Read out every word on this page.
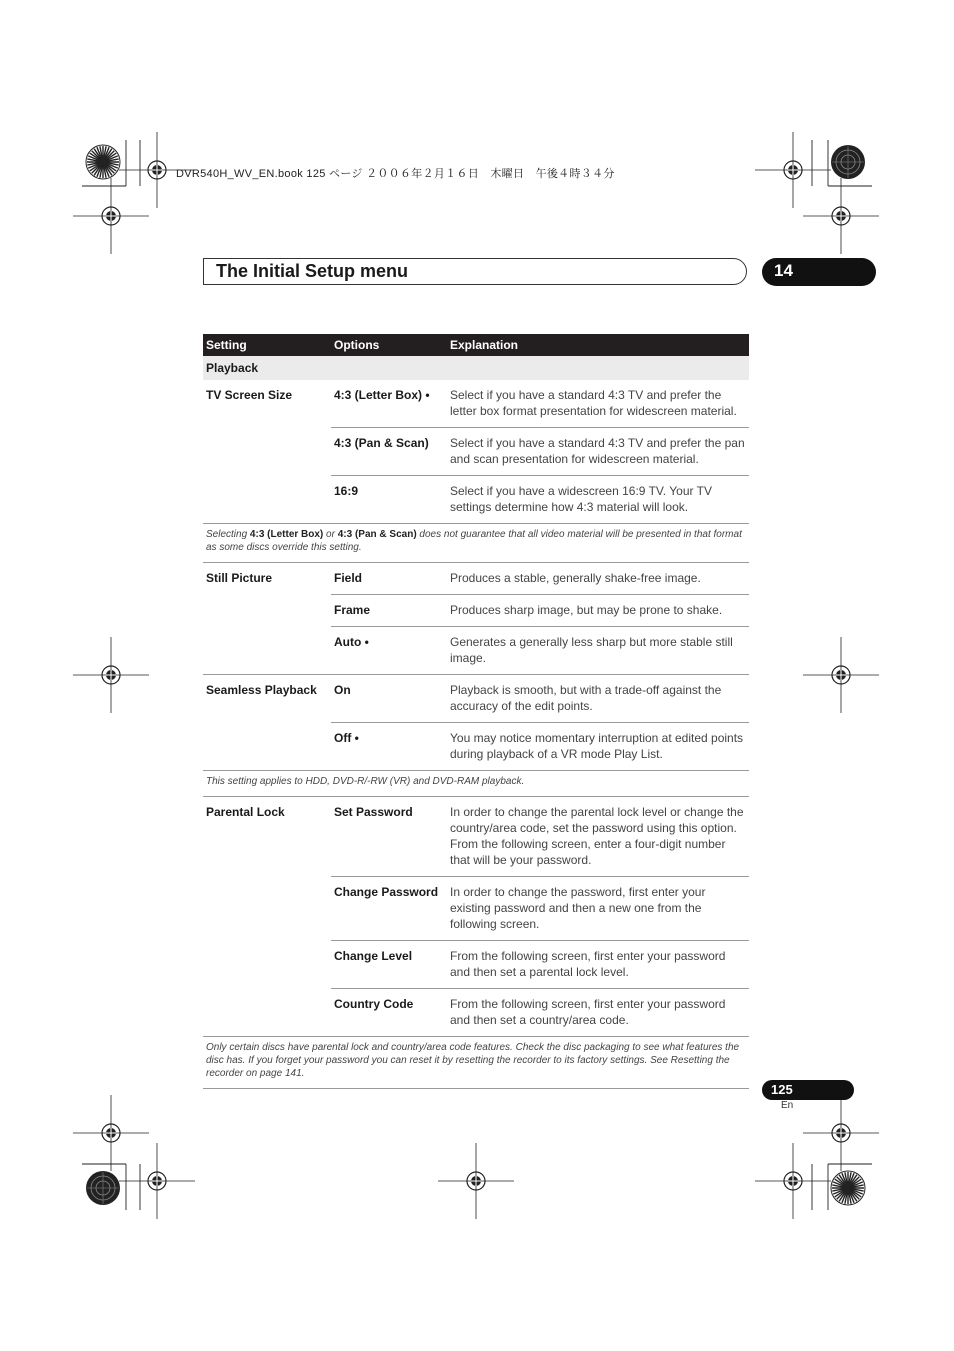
DVR540H_WV_EN.book 125 ページ ２００６年２月１６日　木曜日　午後４時３４分
The Initial Setup menu	14
Setting	Options	Explanation
Playback		
TV Screen Size	4:3 (Letter Box) •	Select if you have a standard 4:3 TV and prefer the letter box format presentation for widescreen material.
	4:3 (Pan & Scan)	Select if you have a standard 4:3 TV and prefer the pan and scan presentation for widescreen material.
	16:9	Select if you have a widescreen 16:9 TV. Your TV settings determine how 4:3 material will look.
Selecting 4:3 (Letter Box) or 4:3 (Pan & Scan) does not guarantee that all video material will be presented in that format as some discs override this setting.		
Still Picture	Field	Produces a stable, generally shake-free image.
	Frame	Produces sharp image, but may be prone to shake.
	Auto •	Generates a generally less sharp but more stable still image.
Seamless Playback	On	Playback is smooth, but with a trade-off against the accuracy of the edit points.
	Off •	You may notice momentary interruption at edited points during playback of a VR mode Play List.
This setting applies to HDD, DVD-R/-RW (VR) and DVD-RAM playback.		
Parental Lock	Set Password	In order to change the parental lock level or change the country/area code, set the password using this option. From the following screen, enter a four-digit number that will be your password.
	Change Password	In order to change the password, first enter your existing password and then a new one from the following screen.
	Change Level	From the following screen, first enter your password and then set a parental lock level.
	Country Code	From the following screen, first enter your password and then set a country/area code.
Only certain discs have parental lock and country/area code features. Check the disc packaging to see what features the disc has. If you forget your password you can reset it by resetting the recorder to its factory settings. See Resetting the recorder on page 141.		
125
En
